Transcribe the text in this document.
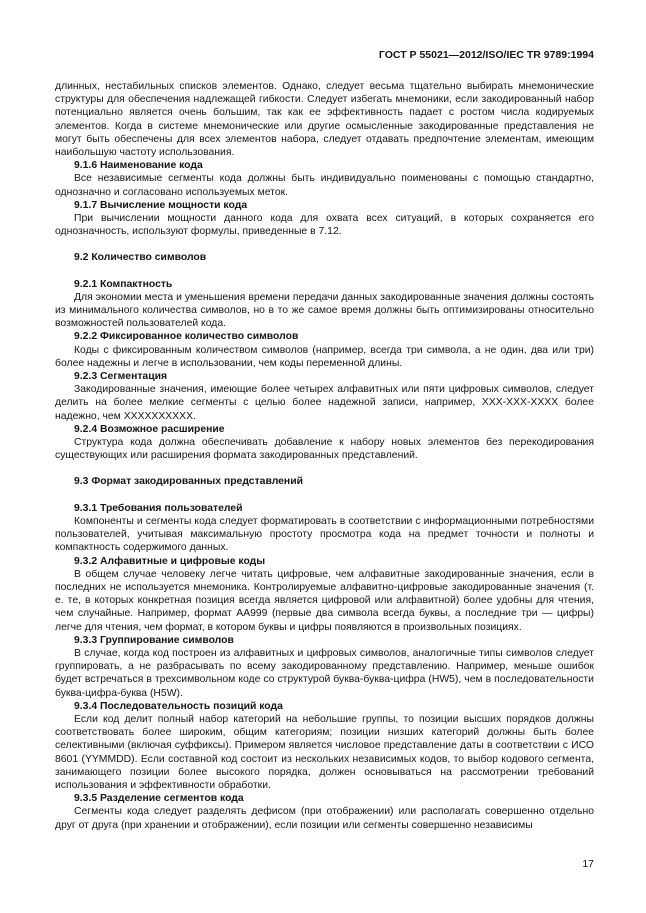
ГОСТ Р 55021—2012/ISO/IEC TR 9789:1994

длинных, нестабильных списков элементов. Однако, следует весьма тщательно выбирать мнемонические структуры для обеспечения надлежащей гибкости. Следует избегать мнемоники, если закодированный набор потенциально является очень большим, так как ее эффективность падает с ростом числа кодируемых элементов. Когда в системе мнемонические или другие осмысленные закодированные представления не могут быть обеспечены для всех элементов набора, следует отдавать предпочтение элементам, имеющим наибольшую частоту использования.

9.1.6 Наименование кода

Все независимые сегменты кода должны быть индивидуально поименованы с помощью стандартно, однозначно и согласовано используемых меток.

9.1.7 Вычисление мощности кода

При вычислении мощности данного кода для охвата всех ситуаций, в которых сохраняется его однозначность, используют формулы, приведенные в 7.12.

9.2 Количество символов
9.2.1 Компактность

Для экономии места и уменьшения времени передачи данных закодированные значения должны состоять из минимального количества символов, но в то же самое время должны быть оптимизированы относительно возможностей пользователей кода.

9.2.2 Фиксированное количество символов

Коды с фиксированным количеством символов (например, всегда три символа, а не один, два или три) более надежны и легче в использовании, чем коды переменной длины.

9.2.3 Сегментация

Закодированные значения, имеющие более четырех алфавитных или пяти цифровых символов, следует делить на более мелкие сегменты с целью более надежной записи, например, XXX-XXX-XXXX более надежно, чем XXXXXXXXXX.

9.2.4 Возможное расширение

Структура кода должна обеспечивать добавление к набору новых элементов без перекодирования существующих или расширения формата закодированных представлений.

9.3 Формат закодированных представлений
9.3.1 Требования пользователей

Компоненты и сегменты кода следует форматировать в соответствии с информационными потребностями пользователей, учитывая максимальную простоту просмотра кода на предмет точности и полноты и компактность содержимого данных.

9.3.2 Алфавитные и цифровые коды

В общем случае человеку легче читать цифровые, чем алфавитные закодированные значения, если в последних не используется мнемоника. Контролируемые алфавитно-цифровые закодированные значения (т. е. те, в которых конкретная позиция всегда является цифровой или алфавитной) более удобны для чтения, чем случайные. Например, формат AA999 (первые два символа всегда буквы, а последние три — цифры) легче для чтения, чем формат, в котором буквы и цифры появляются в произвольных позициях.

9.3.3 Группирование символов

В случае, когда код построен из алфавитных и цифровых символов, аналогичные типы символов следует группировать, а не разбрасывать по всему закодированному представлению. Например, меньше ошибок будет встречаться в трехсимвольном коде со структурой буква-буква-цифра (HW5), чем в последовательности буква-цифра-буква (H5W).

9.3.4 Последовательность позиций кода

Если код делит полный набор категорий на небольшие группы, то позиции высших порядков должны соответствовать более широким, общим категориям; позиции низших категорий должны быть более селективными (включая суффиксы). Примером является числовое представление даты в соответствии с ИСО 8601 (YYMMDD). Если составной код состоит из нескольких независимых кодов, то выбор кодового сегмента, занимающего позиции более высокого порядка, должен основываться на рассмотрении требований использования и эффективности обработки.

9.3.5 Разделение сегментов кода

Сегменты кода следует разделять дефисом (при отображении) или располагать совершенно отдельно друг от друга (при хранении и отображении), если позиции или сегменты совершенно независимы

17
